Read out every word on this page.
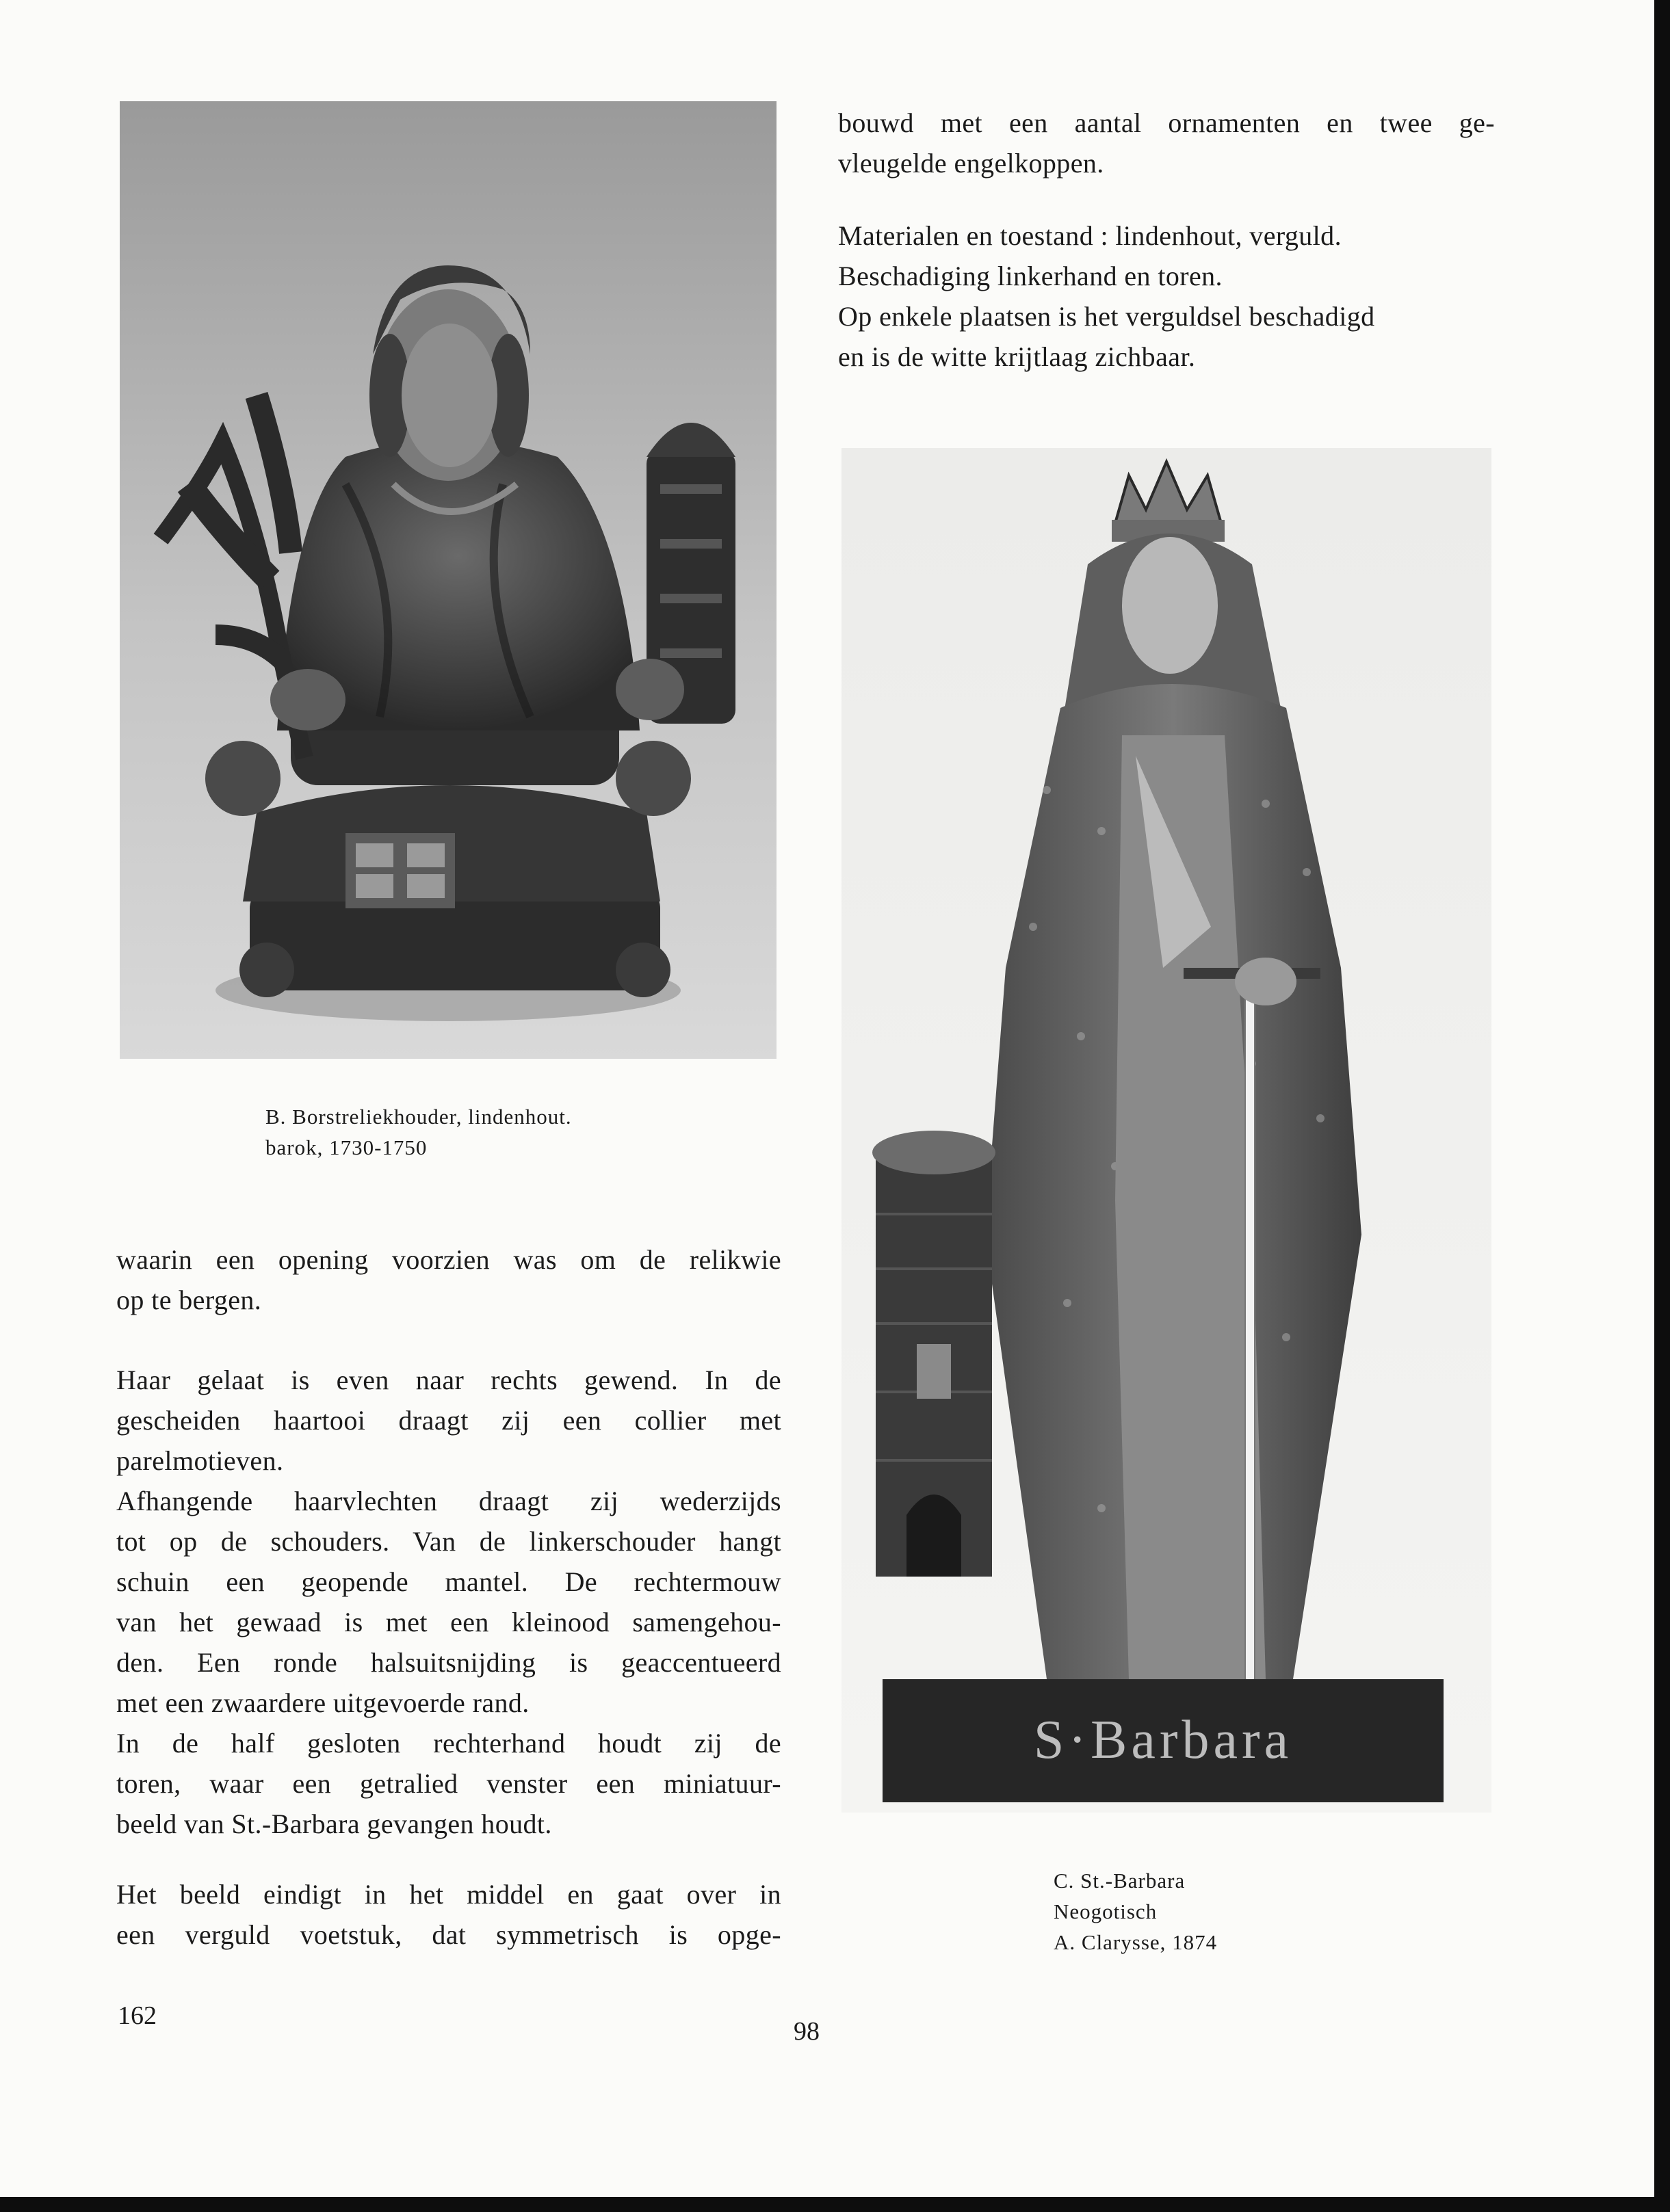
bouwd met een aantal ornamenten en twee ge-
vleugelde engelkoppen.
Materialen en toestand : lindenhout, verguld.
Beschadiging linkerhand en toren.
Op enkele plaatsen is het verguldsel beschadigd
en is de witte krijtlaag zichbaar.
S·Barbara
B. Borstreliekhouder, lindenhout.
barok, 1730-1750
waarin een opening voorzien was om de relikwie
op te bergen.
Haar gelaat is even naar rechts gewend. In de
gescheiden haartooi draagt zij een collier met
parelmotieven.
Afhangende haarvlechten draagt zij wederzijds
tot op de schouders. Van de linkerschouder hangt
schuin een geopende mantel. De rechtermouw
van het gewaad is met een kleinood samengehou-
den. Een ronde halsuitsnijding is geaccentueerd
met een zwaardere uitgevoerde rand.
In de half gesloten rechterhand houdt zij de
toren, waar een getralied venster een miniatuur-
beeld van St.-Barbara gevangen houdt.
Het beeld eindigt in het middel en gaat over in
een verguld voetstuk, dat symmetrisch is opge-
C. St.-Barbara
Neogotisch
A. Clarysse, 1874
162
98
